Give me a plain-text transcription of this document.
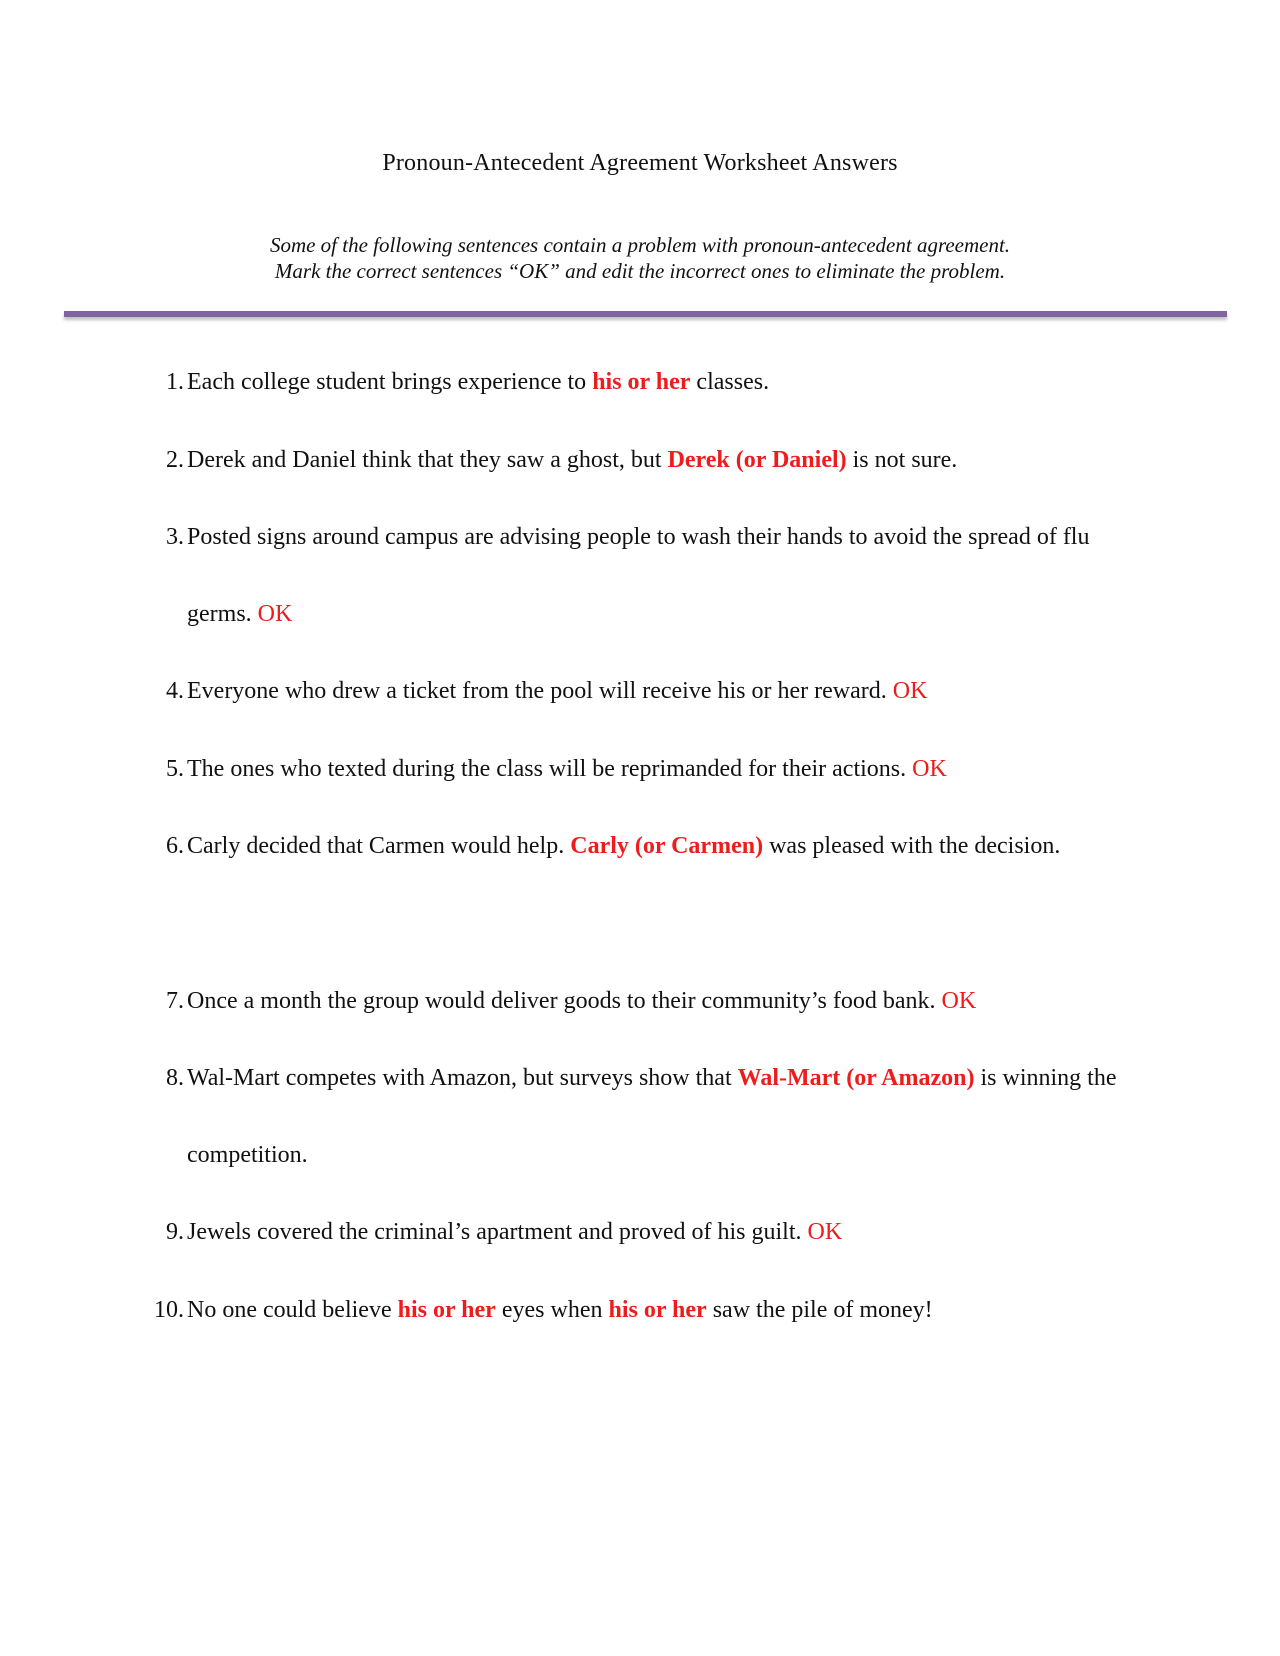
Pronoun-Antecedent Agreement Worksheet Answers
Some of the following sentences contain a problem with pronoun-antecedent agreement.
Mark the correct sentences “OK” and edit the incorrect ones to eliminate the problem.
1. Each college student brings experience to his or her classes.
2. Derek and Daniel think that they saw a ghost, but Derek (or Daniel) is not sure.
3. Posted signs around campus are advising people to wash their hands to avoid the spread of flu germs. OK
4. Everyone who drew a ticket from the pool will receive his or her reward. OK
5. The ones who texted during the class will be reprimanded for their actions. OK
6. Carly decided that Carmen would help. Carly (or Carmen) was pleased with the decision.
7. Once a month the group would deliver goods to their community’s food bank. OK
8. Wal-Mart competes with Amazon, but surveys show that Wal-Mart (or Amazon) is winning the competition.
9. Jewels covered the criminal’s apartment and proved of his guilt. OK
10. No one could believe his or her eyes when his or her saw the pile of money!
